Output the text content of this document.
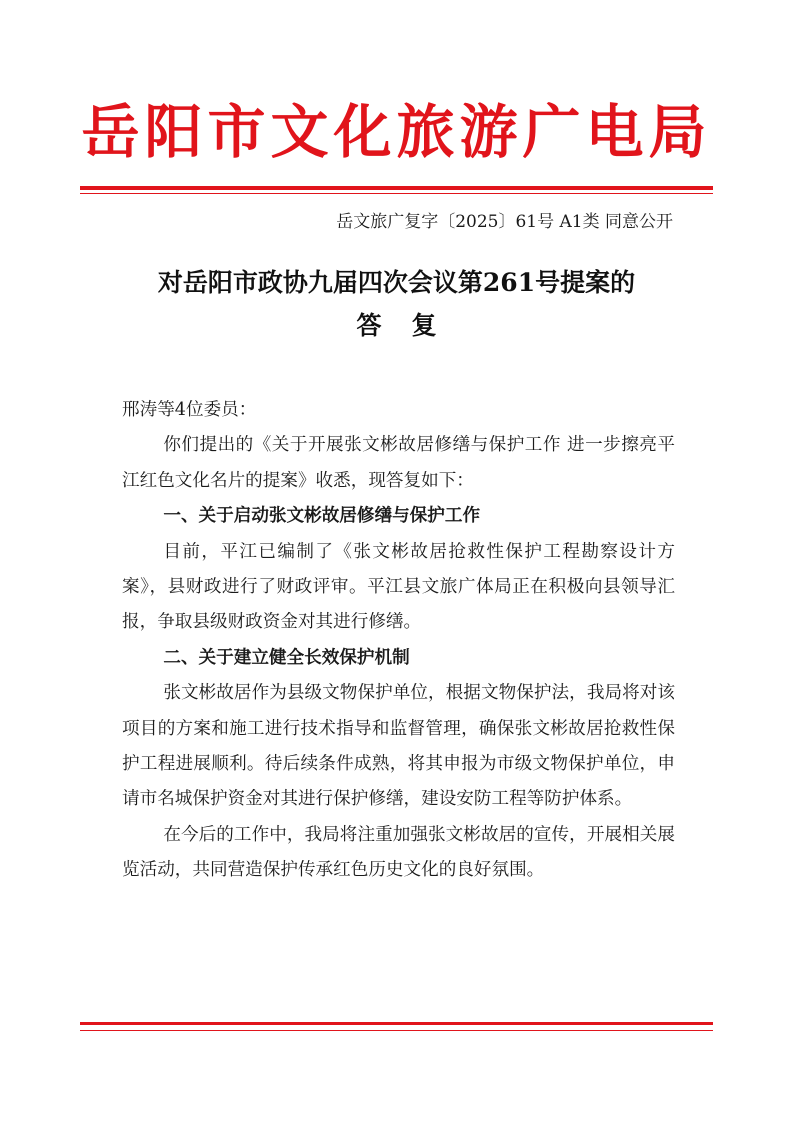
岳阳市文化旅游广电局
岳文旅广复字〔2025〕61号 A1类 同意公开
对岳阳市政协九届四次会议第261号提案的
答复

邢涛等4位委员：

你们提出的《关于开展张文彬故居修缮与保护工作 进一步擦亮平江红色文化名片的提案》收悉，现答复如下：

一、关于启动张文彬故居修缮与保护工作

目前，平江已编制了《张文彬故居抢救性保护工程勘察设计方案》，县财政进行了财政评审。平江县文旅广体局正在积极向县领导汇报，争取县级财政资金对其进行修缮。

二、关于建立健全长效保护机制

张文彬故居作为县级文物保护单位，根据文物保护法，我局将对该项目的方案和施工进行技术指导和监督管理，确保张文彬故居抢救性保护工程进展顺利。待后续条件成熟，将其申报为市级文物保护单位，申请市名城保护资金对其进行保护修缮，建设安防工程等防护体系。

在今后的工作中，我局将注重加强张文彬故居的宣传，开展相关展览活动，共同营造保护传承红色历史文化的良好氛围。
